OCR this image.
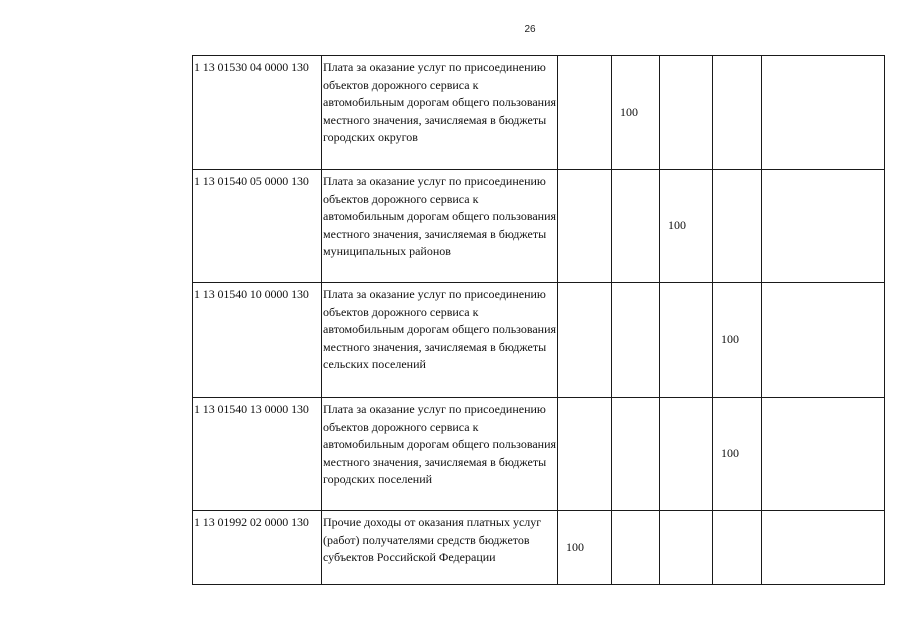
26
1 13 01530 04 0000 130	Плата за оказание услуг по присоединению объектов дорожного сервиса к автомобильным дорогам общего пользования местного значения, зачисляемая в бюджеты городских округов		100			
1 13 01540 05 0000 130	Плата за оказание услуг по присоединению объектов дорожного сервиса к автомобильным дорогам общего пользования местного значения, зачисляемая в бюджеты муниципальных районов			100		
1 13 01540 10 0000 130	Плата за оказание услуг по присоединению объектов дорожного сервиса к автомобильным дорогам общего пользования местного значения, зачисляемая в бюджеты сельских поселений				100	
1 13 01540 13 0000 130	Плата за оказание услуг по присоединению объектов дорожного сервиса к автомобильным дорогам общего пользования местного значения, зачисляемая в бюджеты городских поселений				100	
1 13 01992 02 0000 130	Прочие доходы от оказания платных услуг (работ) получателями средств бюджетов субъектов Российской Федерации	100				
